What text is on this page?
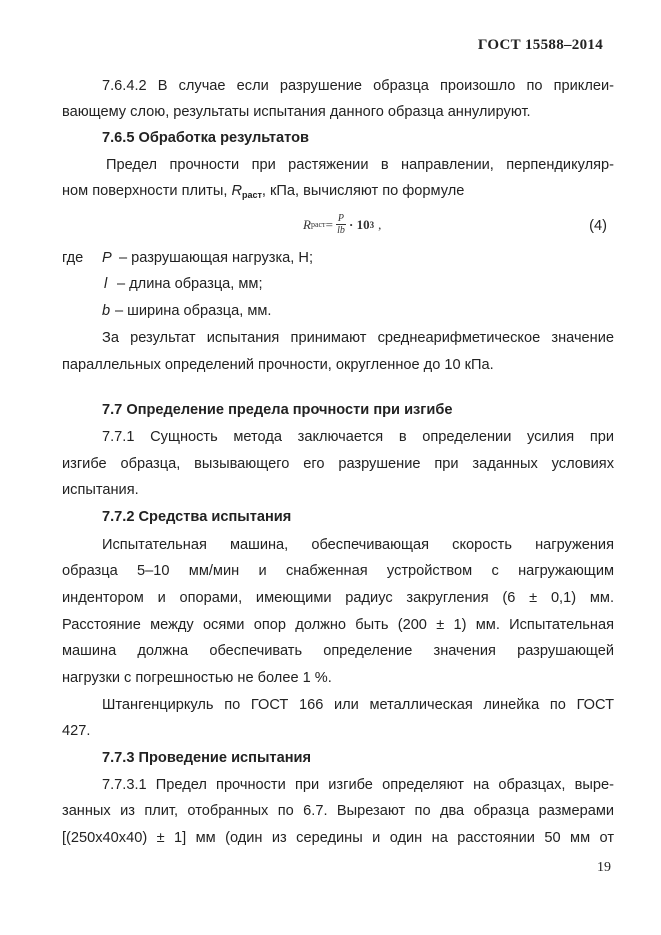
ГОСТ 15588–2014
7.6.4.2 В случае если разрушение образца произошло по приклеи-
вающему слою, результаты испытания данного образца аннулируют.
7.6.5 Обработка результатов
Предел прочности при растяжении в направлении, перпендикуляр-
ном поверхности плиты, $R_{раст}$, кПа, вычисляют по формуле
R раст = $\frac{P}{lb} \cdot 10$ 3 ,	(4)
где	P – разрушающая нагрузка, Н;
l – длина образца, мм;
b – ширина образца, мм.
За результат испытания принимают среднеарифметическое значение
параллельных определений прочности, округленное до 10 кПа.
7.7 Определение предела прочности при изгибе
7.7.1 Сущность метода заключается в определении усилия при
изгибе образца, вызывающего его разрушение при заданных условиях
испытания.
7.7.2 Средства испытания
Испытательная машина, обеспечивающая скорость нагружения
образца 5–10 мм/мин и снабженная устройством с нагружающим
индентором и опорами, имеющими радиус закругления (6 ± 0,1) мм.
Расстояние между осями опор должно быть (200 ± 1) мм. Испытательная
машина должна обеспечивать определение значения разрушающей
нагрузки с погрешностью не более 1 %.
Штангенциркуль по ГОСТ 166 или металлическая линейка по ГОСТ
427.
7.7.3 Проведение испытания
7.7.3.1 Предел прочности при изгибе определяют на образцах, выре-
занных из плит, отобранных по 6.7. Вырезают по два образца размерами
[(250x40x40) ± 1] мм (один из середины и один на расстоянии 50 мм от
19
